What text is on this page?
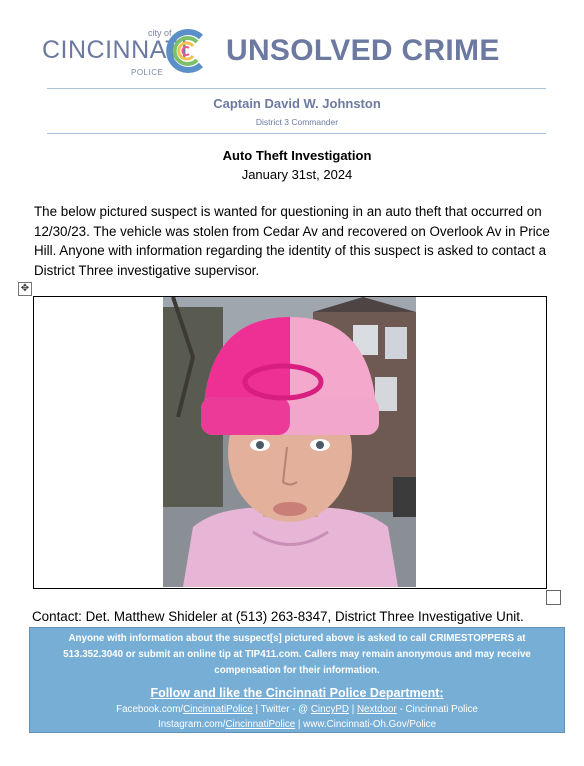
city of
CINCINNATI
POLICE
UNSOLVED CRIME
Captain David W. Johnston
District 3 Commander
Auto Theft Investigation
January 31st, 2024
The below pictured suspect is wanted for questioning in an auto theft that occurred on 12/30/23. The vehicle was stolen from Cedar Av and recovered on Overlook Av in Price Hill. Anyone with information regarding the identity of this suspect is asked to contact a District Three investigative supervisor.
✥
Contact: Det. Matthew Shideler at (513) 263-8347, District Three Investigative Unit.
Anyone with information about the suspect[s] pictured above is asked to call CRIMESTOPPERS at
513.352.3040 or submit an online tip at TIP411.com. Callers may remain anonymous and may receive
compensation for their information.
Follow and like the Cincinnati Police Department:
Facebook.com/CincinnatiPolice | Twitter - @ CincyPD | Nextdoor - Cincinnati Police
Instagram.com/CincinnatiPolice | www.Cincinnati-Oh.Gov/Police
